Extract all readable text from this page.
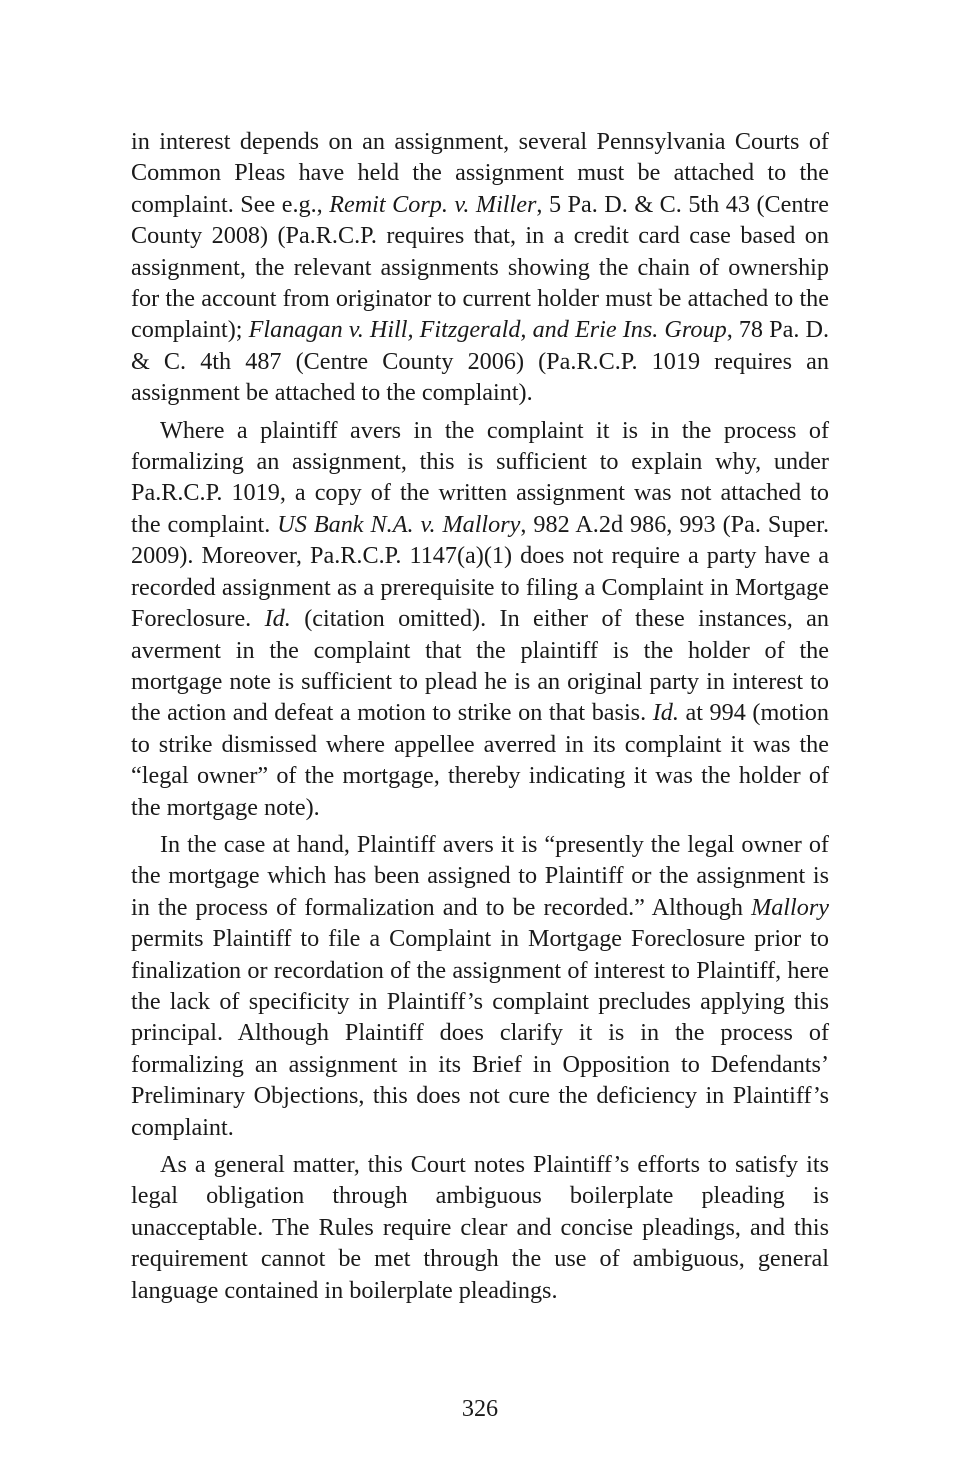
in interest depends on an assignment, several Pennsylvania Courts of Common Pleas have held the assignment must be attached to the complaint. See e.g., Remit Corp. v. Miller, 5 Pa. D. & C. 5th 43 (Centre County 2008) (Pa.R.C.P. requires that, in a credit card case based on assignment, the relevant assignments showing the chain of ownership for the account from originator to current holder must be attached to the complaint); Flanagan v. Hill, Fitzgerald, and Erie Ins. Group, 78 Pa. D. & C. 4th 487 (Centre County 2006) (Pa.R.C.P. 1019 requires an assignment be attached to the complaint).

Where a plaintiff avers in the complaint it is in the process of formalizing an assignment, this is sufficient to explain why, under Pa.R.C.P. 1019, a copy of the written assignment was not attached to the complaint. US Bank N.A. v. Mallory, 982 A.2d 986, 993 (Pa. Super. 2009). Moreover, Pa.R.C.P. 1147(a)(1) does not require a party have a recorded assignment as a prerequisite to filing a Complaint in Mortgage Foreclosure. Id. (citation omitted). In either of these instances, an averment in the complaint that the plaintiff is the holder of the mortgage note is sufficient to plead he is an original party in interest to the action and defeat a motion to strike on that basis. Id. at 994 (motion to strike dismissed where appellee averred in its complaint it was the “legal owner” of the mortgage, thereby indicating it was the holder of the mortgage note).

In the case at hand, Plaintiff avers it is “presently the legal owner of the mortgage which has been assigned to Plaintiff or the assignment is in the process of formalization and to be recorded.” Although Mallory permits Plaintiff to file a Complaint in Mortgage Foreclosure prior to finalization or recordation of the assignment of interest to Plaintiff, here the lack of specificity in Plaintiff’s complaint precludes applying this principal. Although Plaintiff does clarify it is in the process of formalizing an assignment in its Brief in Opposition to Defendants’ Preliminary Objections, this does not cure the deficiency in Plaintiff’s complaint.

As a general matter, this Court notes Plaintiff’s efforts to satisfy its legal obligation through ambiguous boilerplate pleading is unacceptable. The Rules require clear and concise pleadings, and this requirement cannot be met through the use of ambiguous, general language contained in boilerplate pleadings.

326
